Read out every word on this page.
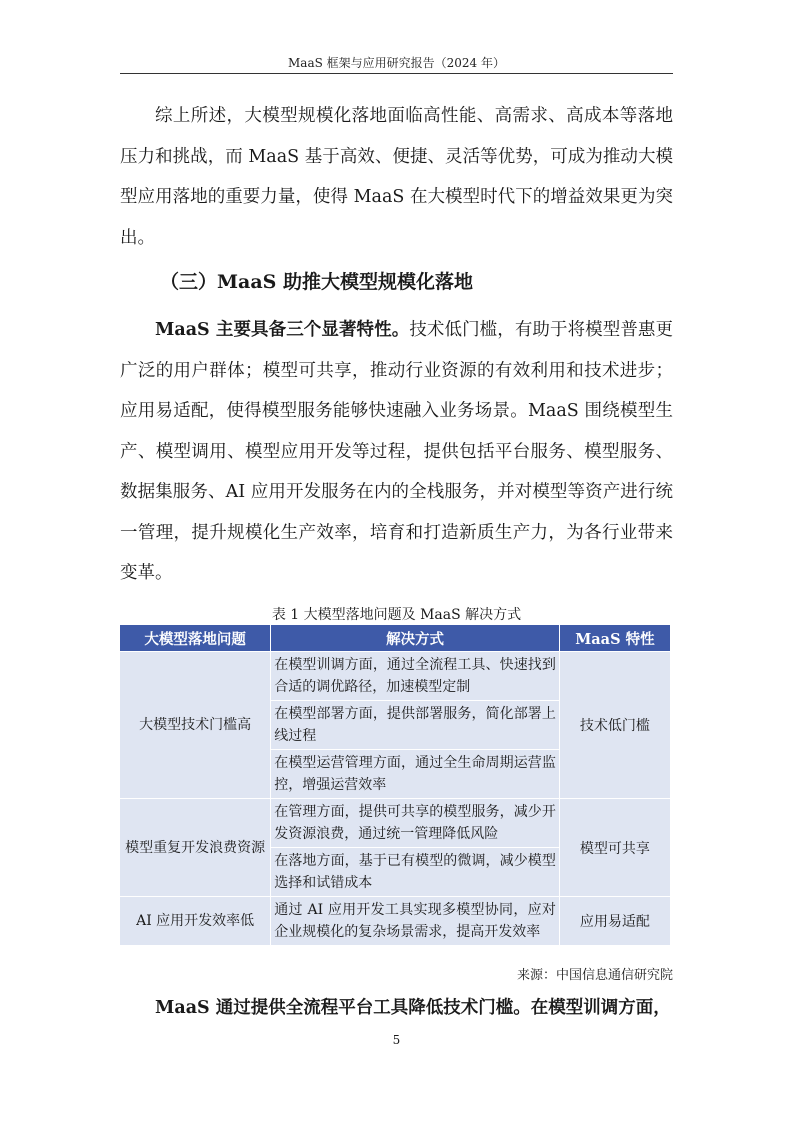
MaaS 框架与应用研究报告（2024 年）

综上所述，大模型规模化落地面临高性能、高需求、高成本等落地压力和挑战，而 MaaS 基于高效、便捷、灵活等优势，可成为推动大模型应用落地的重要力量，使得 MaaS 在大模型时代下的增益效果更为突出。

（三）MaaS 助推大模型规模化落地

MaaS 主要具备三个显著特性。技术低门槛，有助于将模型普惠更广泛的用户群体；模型可共享，推动行业资源的有效利用和技术进步；应用易适配，使得模型服务能够快速融入业务场景。MaaS 围绕模型生产、模型调用、模型应用开发等过程，提供包括平台服务、模型服务、数据集服务、AI 应用开发服务在内的全栈服务，并对模型等资产进行统一管理，提升规模化生产效率，培育和打造新质生产力，为各行业带来变革。

表 1 大模型落地问题及 MaaS 解决方式
大模型落地问题	解决方式	MaaS 特性
大模型技术门槛高	在模型训调方面，通过全流程工具、快速找到合适的调优路径，加速模型定制	技术低门槛
	在模型部署方面，提供部署服务，简化部署上线过程	
	在模型运营管理方面，通过全生命周期运营监控，增强运营效率	
模型重复开发浪费资源	在管理方面，提供可共享的模型服务，减少开发资源浪费，通过统一管理降低风险	模型可共享
	在落地方面，基于已有模型的微调，减少模型选择和试错成本	
AI 应用开发效率低	通过 AI 应用开发工具实现多模型协同，应对企业规模化的复杂场景需求，提高开发效率	应用易适配
来源：中国信息通信研究院

MaaS 通过提供全流程平台工具降低技术门槛。在模型训调方面，

5
